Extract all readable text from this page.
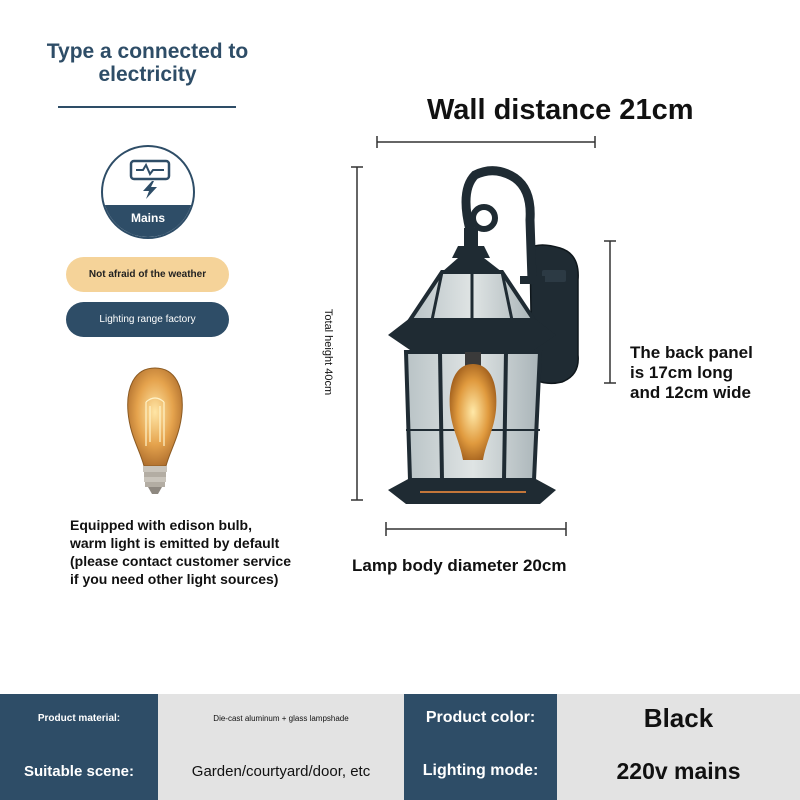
Type a connected to electricity
Mains
Not afraid of the weather
Lighting range factory
Equipped with edison bulb,
warm light is emitted by default
(please contact customer service
if you need other light sources)
Wall distance 21cm
Total height 40cm	The back panel
is 17cm long
and 12cm wide
Lamp body diameter 20cm
Product material:	Die-cast aluminum + glass lampshade	Product color:	Black
Suitable scene:	Garden/courtyard/door, etc	Lighting mode:	220v mains
